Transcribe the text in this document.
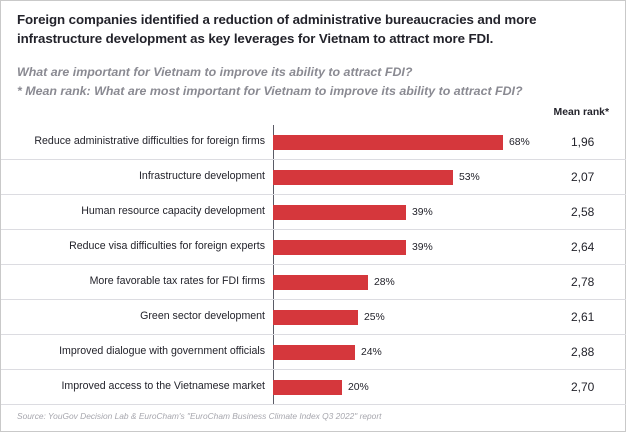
Foreign companies identified a reduction of administrative bureaucracies and more infrastructure development as key leverages for Vietnam to attract more FDI.
What are important for Vietnam to improve its ability to attract FDI?
* Mean rank: What are most important for Vietnam to improve its ability to attract FDI?
Mean rank*
Reduce administrative difficulties for foreign firms	68%	1,96
Infrastructure development	53%	2,07
Human resource capacity development	39%	2,58
Reduce visa difficulties for foreign experts	39%	2,64
More favorable tax rates for FDI firms	28%	2,78
Green sector development	25%	2,61
Improved dialogue with government officials	24%	2,88
Improved access to the Vietnamese market	20%	2,70
Source: YouGov Decision Lab & EuroCham's "EuroCham Business Climate Index Q3 2022" report
